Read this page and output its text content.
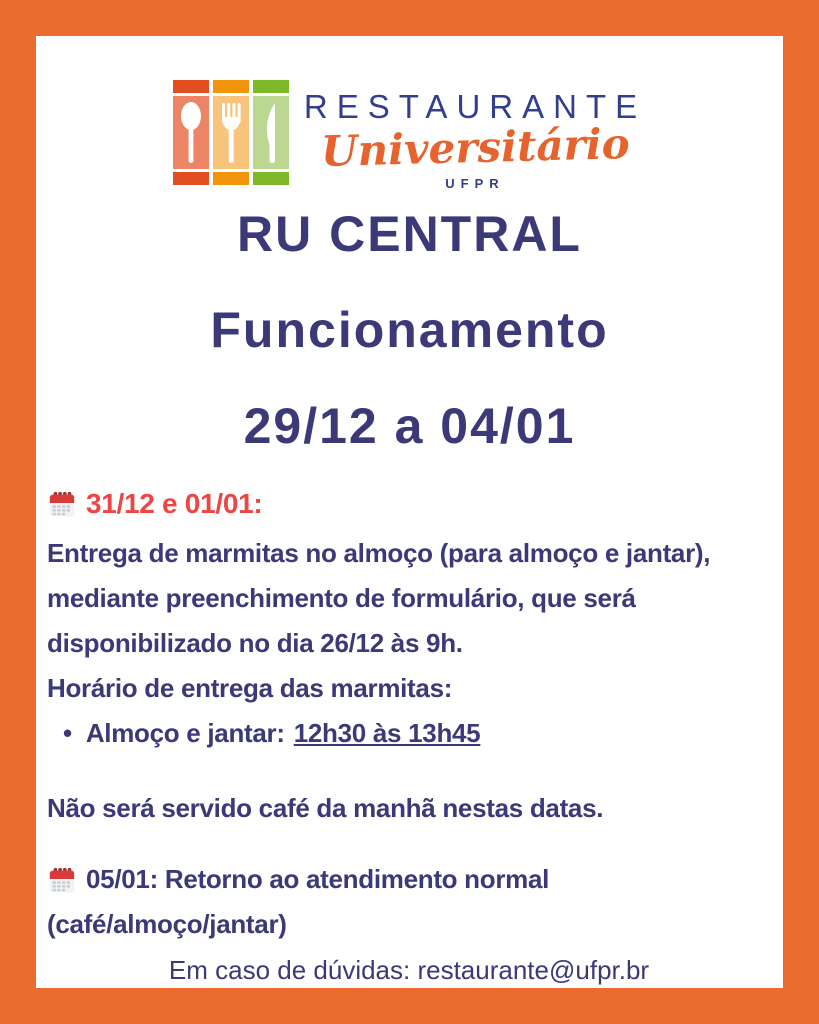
RESTAURANTE
Universitário
UFPR
RU CENTRAL
Funcionamento
29/12 a 04/01
31/12 e 01/01:
Entrega de marmitas no almoço (para almoço e jantar),
mediante preenchimento de formulário, que será
disponibilizado no dia 26/12 às 9h.
Horário de entrega das marmitas:
• Almoço e jantar: 12h30 às 13h45
Não será servido café da manhã nestas datas.
05/01: Retorno ao atendimento normal
(café/almoço/jantar)
Em caso de dúvidas: restaurante@ufpr.br
